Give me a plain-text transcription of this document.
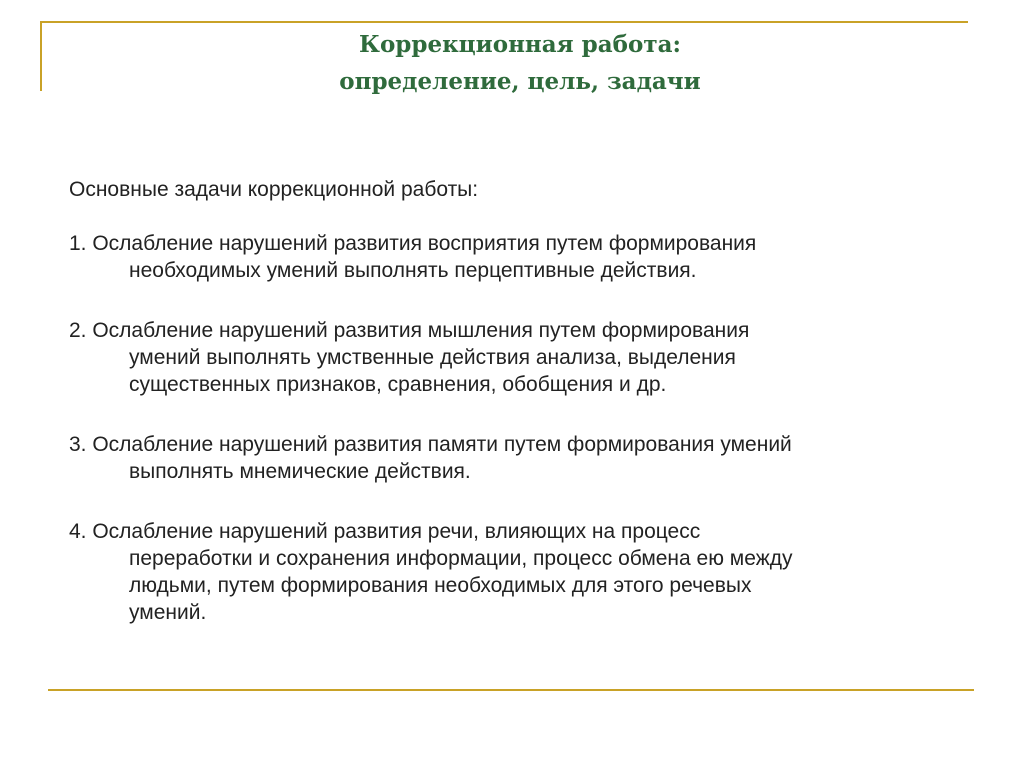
Коррекционная работа:
определение, цель, задачи

Основные задачи коррекционной работы:

1. Ослабление нарушений развития восприятия путем формирования
необходимых умений выполнять перцептивные действия.
2. Ослабление нарушений развития мышления путем формирования
умений выполнять умственные действия анализа, выделения
существенных признаков, сравнения, обобщения и др.
3. Ослабление нарушений развития памяти путем формирования умений
выполнять мнемические действия.
4. Ослабление нарушений развития речи, влияющих на процесс
переработки и сохранения информации, процесс обмена ею между
людьми, путем формирования необходимых для этого речевых
умений.
